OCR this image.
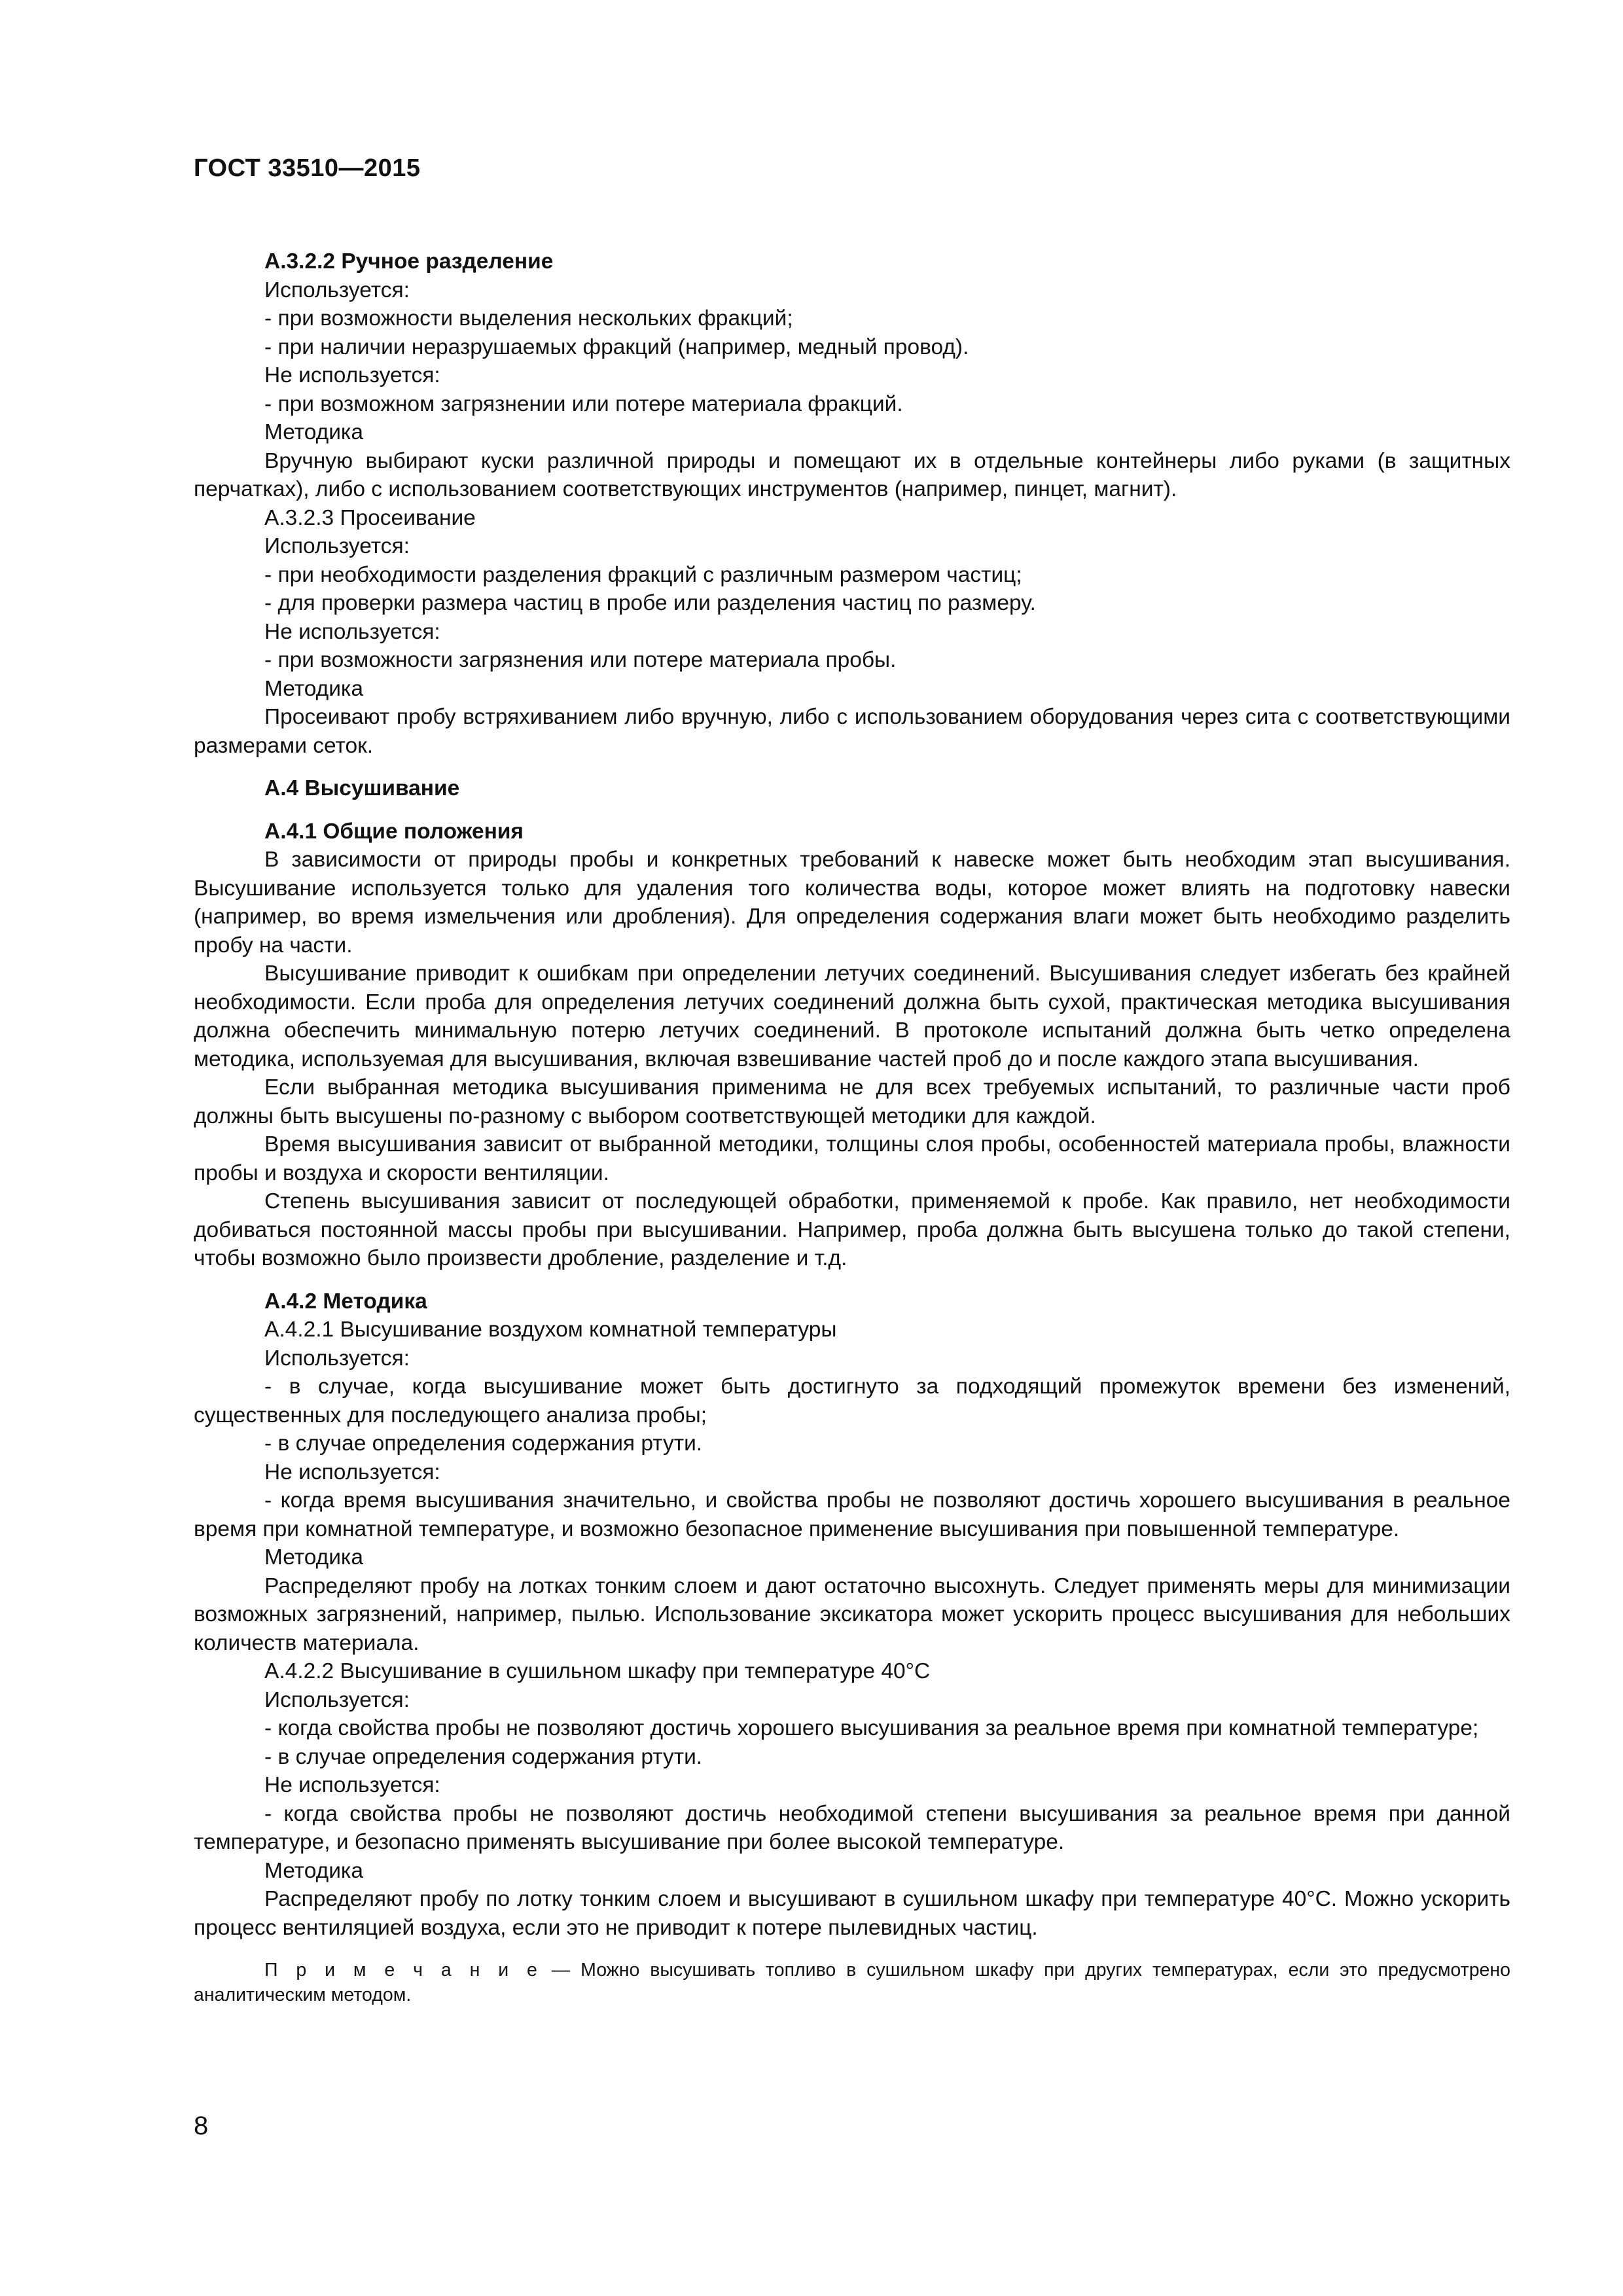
ГОСТ 33510—2015

А.3.2.2 Ручное разделение

Используется:

- при возможности выделения нескольких фракций;

- при наличии неразрушаемых фракций (например, медный провод).

Не используется:

- при возможном загрязнении или потере материала фракций.

Методика

Вручную выбирают куски различной природы и помещают их в отдельные контейнеры либо руками (в защитных перчатках), либо с использованием соответствующих инструментов (например, пинцет, магнит).

А.3.2.3 Просеивание

Используется:

- при необходимости разделения фракций с различным размером частиц;

- для проверки размера частиц в пробе или разделения частиц по размеру.

Не используется:

- при возможности загрязнения или потере материала пробы.

Методика

Просеивают пробу встряхиванием либо вручную, либо с использованием оборудования через сита с соответствующими размерами сеток.

А.4 Высушивание

А.4.1 Общие положения

В зависимости от природы пробы и конкретных требований к навеске может быть необходим этап высушивания. Высушивание используется только для удаления того количества воды, которое может влиять на подготовку навески (например, во время измельчения или дробления). Для определения содержания влаги может быть необходимо разделить пробу на части.

Высушивание приводит к ошибкам при определении летучих соединений. Высушивания следует избегать без крайней необходимости. Если проба для определения летучих соединений должна быть сухой, практическая методика высушивания должна обеспечить минимальную потерю летучих соединений. В протоколе испытаний должна быть четко определена методика, используемая для высушивания, включая взвешивание частей проб до и после каждого этапа высушивания.

Если выбранная методика высушивания применима не для всех требуемых испытаний, то различные части проб должны быть высушены по-разному с выбором соответствующей методики для каждой.

Время высушивания зависит от выбранной методики, толщины слоя пробы, особенностей материала пробы, влажности пробы и воздуха и скорости вентиляции.

Степень высушивания зависит от последующей обработки, применяемой к пробе. Как правило, нет необходимости добиваться постоянной массы пробы при высушивании. Например, проба должна быть высушена только до такой степени, чтобы возможно было произвести дробление, разделение и т.д.

А.4.2 Методика

А.4.2.1 Высушивание воздухом комнатной температуры

Используется:

- в случае, когда высушивание может быть достигнуто за подходящий промежуток времени без изменений, существенных для последующего анализа пробы;

- в случае определения содержания ртути.

Не используется:

- когда время высушивания значительно, и свойства пробы не позволяют достичь хорошего высушивания в реальное время при комнатной температуре, и возможно безопасное применение высушивания при повышенной температуре.

Методика

Распределяют пробу на лотках тонким слоем и дают остаточно высохнуть. Следует применять меры для минимизации возможных загрязнений, например, пылью. Использование эксикатора может ускорить процесс высушивания для небольших количеств материала.

А.4.2.2 Высушивание в сушильном шкафу при температуре 40°С

Используется:

- когда свойства пробы не позволяют достичь хорошего высушивания за реальное время при комнатной температуре;

- в случае определения содержания ртути.

Не используется:

- когда свойства пробы не позволяют достичь необходимой степени высушивания за реальное время при данной температуре, и безопасно применять высушивание при более высокой температуре.

Методика

Распределяют пробу по лотку тонким слоем и высушивают в сушильном шкафу при температуре 40°С. Можно ускорить процесс вентиляцией воздуха, если это не приводит к потере пылевидных частиц.

П р и м е ч а н и е — Можно высушивать топливо в сушильном шкафу при других температурах, если это предусмотрено аналитическим методом.

8
